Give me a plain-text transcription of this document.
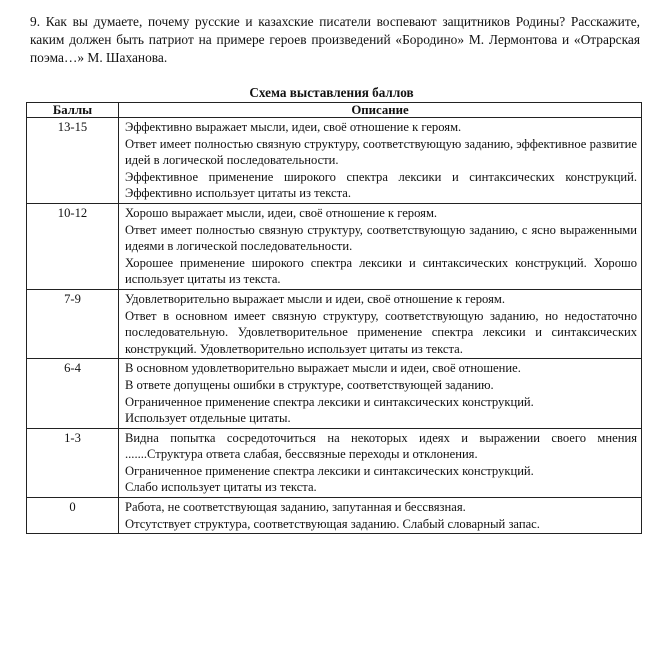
9. Как вы думаете, почему русские и казахские писатели воспевают защитников Родины? Расскажите, каким должен быть патриот на примере героев произведений «Бородино» М. Лермонтова и «Отрарская поэма…» М. Шаханова.
Схема выставления баллов
Баллы	Описание
13-15	Эффективно выражает мысли, идеи, своё отношение к героям.
Ответ имеет полностью связную структуру, соответствующую заданию, эффективное развитие идей в логической последовательности.
Эффективное применение широкого спектра лексики и синтаксических конструкций. Эффективно использует цитаты из текста.

10-12	Хорошо выражает мысли, идеи, своё отношение к героям.
Ответ имеет полностью связную структуру, соответствующую заданию, с ясно выраженными идеями в логической последовательности.
Хорошее применение широкого спектра лексики и синтаксических конструкций. Хорошо использует цитаты из текста.

7-9	Удовлетворительно выражает мысли и идеи, своё отношение к героям.
Ответ в основном имеет связную структуру, соответствующую заданию, но недостаточно последовательную. Удовлетворительное применение спектра лексики и синтаксических конструкций. Удовлетворительно использует цитаты из текста.

6-4	В основном удовлетворительно выражает мысли и идеи, своё отношение.
В ответе допущены ошибки в структуре, соответствующей заданию.
Ограниченное применение спектра лексики и синтаксических конструкций.
Использует отдельные цитаты.

1-3	Видна попытка сосредоточиться на некоторых идеях и выражении своего мнения .......Структура ответа слабая, бессвязные переходы и отклонения.
Ограниченное применение спектра лексики и синтаксических конструкций.
Слабо использует цитаты из текста.

0	Работа, не соответствующая заданию, запутанная и бессвязная.
Отсутствует структура, соответствующая заданию. Слабый словарный запас.
